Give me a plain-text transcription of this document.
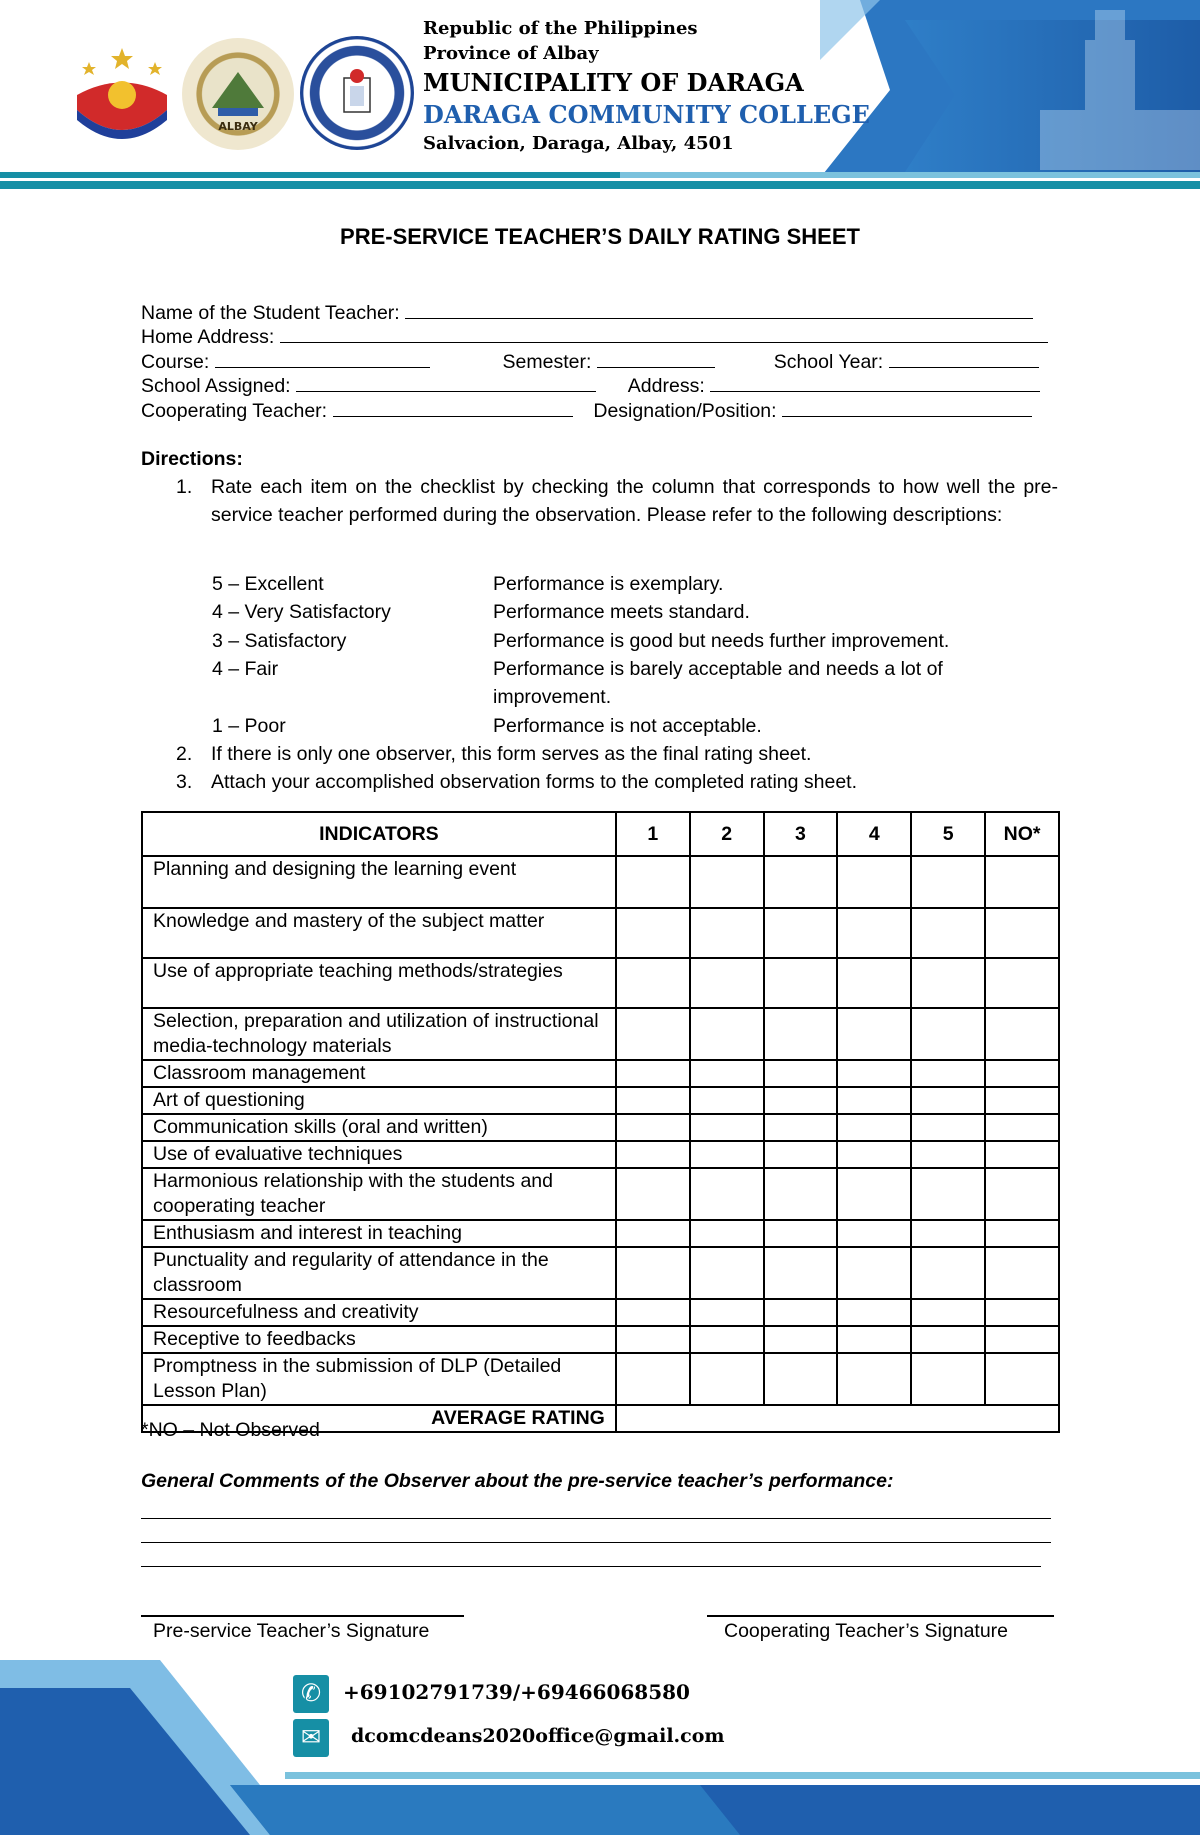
ALBAY
Republic of the Philippines
Province of Albay
MUNICIPALITY OF DARAGA
DARAGA COMMUNITY COLLEGE
Salvacion, Daraga, Albay, 4501
PRE-SERVICE TEACHER’S DAILY RATING SHEET
Name of the Student Teacher:
Home Address:
Course:	Semester:	School Year:
School Assigned:	Address:
Cooperating Teacher:	Designation/Position:
Directions:
1. Rate each item on the checklist by checking the column that corresponds to how well the pre-service teacher performed during the observation. Please refer to the following descriptions:
5 – Excellent	Performance is exemplary.
4 – Very Satisfactory	Performance meets standard.
3 – Satisfactory	Performance is good but needs further improvement.
4 – Fair	Performance is barely acceptable and needs a lot of improvement.
1 – Poor	Performance is not acceptable.
2. If there is only one observer, this form serves as the final rating sheet.
3. Attach your accomplished observation forms to the completed rating sheet.
INDICATORS	1	2	3	4	5	NO*
Planning and designing the learning event						
Knowledge and mastery of the subject matter						
Use of appropriate teaching methods/strategies						
Selection, preparation and utilization of instructional media-technology materials						
Classroom management						
Art of questioning						
Communication skills (oral and written)						
Use of evaluative techniques						
Harmonious relationship with the students and cooperating teacher						
Enthusiasm and interest in teaching						
Punctuality and regularity of attendance in the classroom						
Resourcefulness and creativity						
Receptive to feedbacks						
Promptness in the submission of DLP (Detailed Lesson Plan)						
AVERAGE RATING						
*NO – Not Observed
General Comments of the Observer about the pre-service teacher’s performance:
Pre-service Teacher’s Signature	Cooperating Teacher’s Signature
✆	+69102791739/+69466068580
✉	dcomcdeans2020office@gmail.com
